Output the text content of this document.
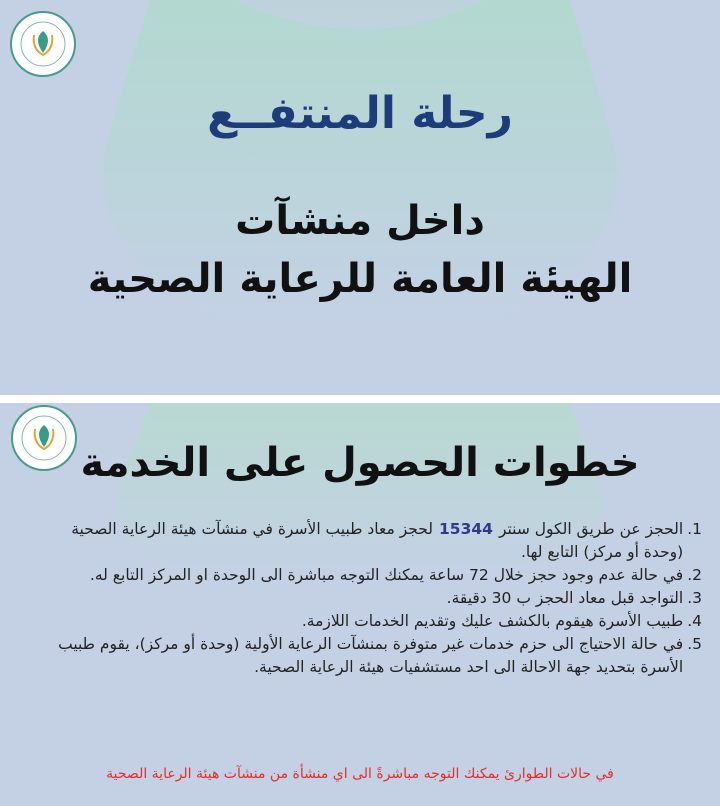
رحلة المنتفــع
داخل منشآت
الهيئة العامة للرعاية الصحية
خطوات الحصول على الخدمة
1.
الحجز عن طريق الكول سنتر15344لحجز معاد طبيب الأسرة في منشآت هيئة الرعاية الصحية (وحدة أو مركز) التابع لها.
2.
في حالة عدم وجود حجز خلال 72 ساعة يمكنك التوجه مباشرة الى الوحدة او المركز التابع له.
3.
التواجد قبل معاد الحجز ب 30 دقيقة.
4.
طبيب الأسرة هيقوم بالكشف عليك وتقديم الخدمات اللازمة.
5.
في حالة الاحتياج الى حزم خدمات غير متوفرة بمنشآت الرعاية الأولية (وحدة أو مركز)، يقوم طبيب الأسرة بتحديد جهة الاحالة الى احد مستشفيات هيئة الرعاية الصحية.
في حالات الطوارئ يمكنك التوجه مباشرةً الى اي منشأة من منشآت هيئة الرعاية الصحية
